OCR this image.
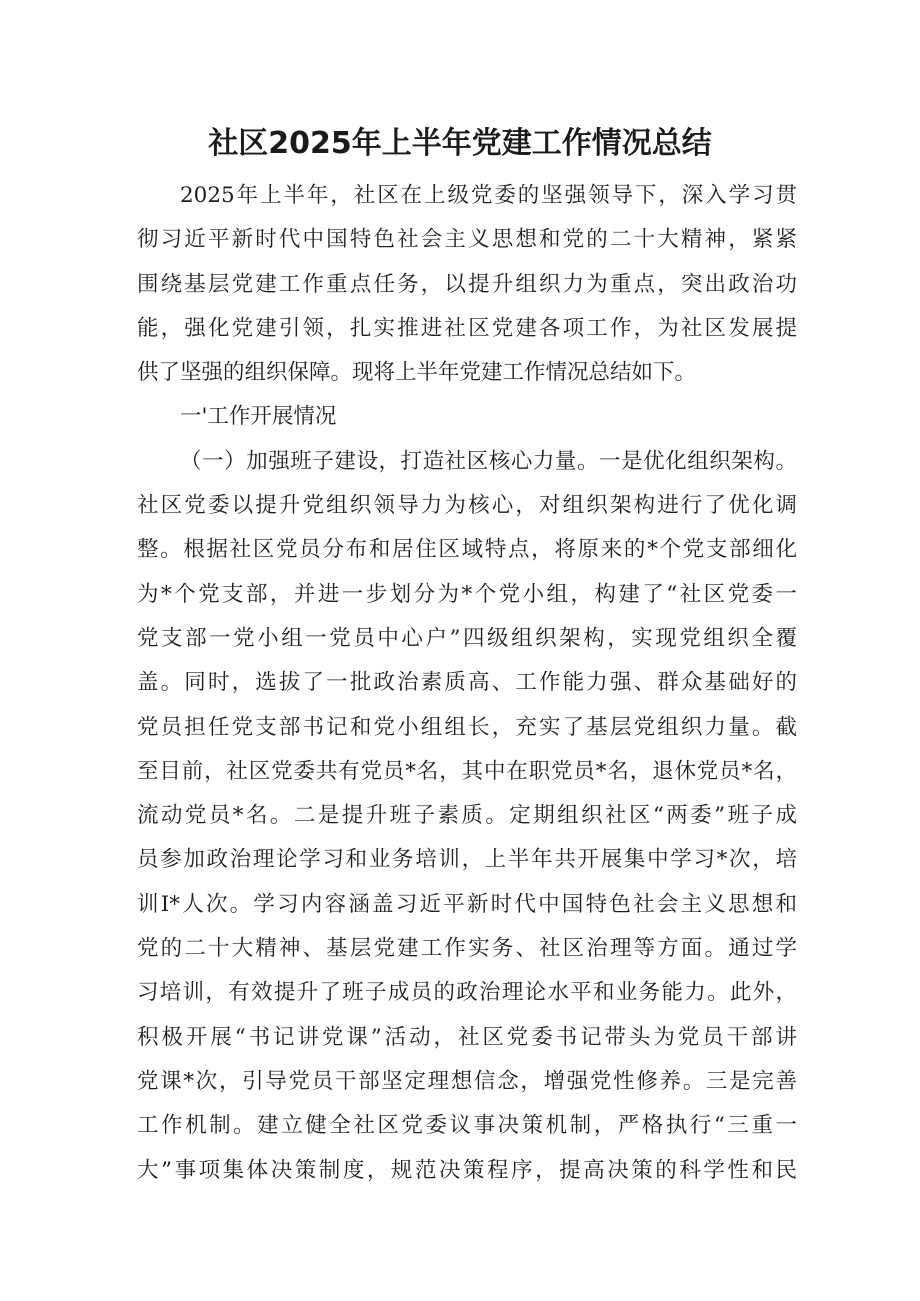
社区2025年上半年党建工作情况总结
2025年上半年，社区在上级党委的坚强领导下，深入学习贯
彻习近平新时代中国特色社会主义思想和党的二十大精神，紧紧
围绕基层党建工作重点任务，以提升组织力为重点，突出政治功
能，强化党建引领，扎实推进社区党建各项工作，为社区发展提
供了坚强的组织保障。现将上半年党建工作情况总结如下。
一'工作开展情况
（一）加强班子建设，打造社区核心力量。一是优化组织架构。
社区党委以提升党组织领导力为核心，对组织架构进行了优化调
整。根据社区党员分布和居住区域特点，将原来的*个党支部细化
为*个党支部，并进一步划分为*个党小组，构建了“社区党委一
党支部一党小组一党员中心户”四级组织架构，实现党组织全覆
盖。同时，选拔了一批政治素质高、工作能力强、群众基础好的
党员担任党支部书记和党小组组长，充实了基层党组织力量。截
至目前，社区党委共有党员*名，其中在职党员*名，退休党员*名，
流动党员*名。二是提升班子素质。定期组织社区“两委”班子成
员参加政治理论学习和业务培训，上半年共开展集中学习*次，培
训I*人次。学习内容涵盖习近平新时代中国特色社会主义思想和
党的二十大精神、基层党建工作实务、社区治理等方面。通过学
习培训，有效提升了班子成员的政治理论水平和业务能力。此外，
积极开展“书记讲党课”活动，社区党委书记带头为党员干部讲
党课*次，引导党员干部坚定理想信念，增强党性修养。三是完善
工作机制。建立健全社区党委议事决策机制，严格执行“三重一
大”事项集体决策制度，规范决策程序，提高决策的科学性和民
